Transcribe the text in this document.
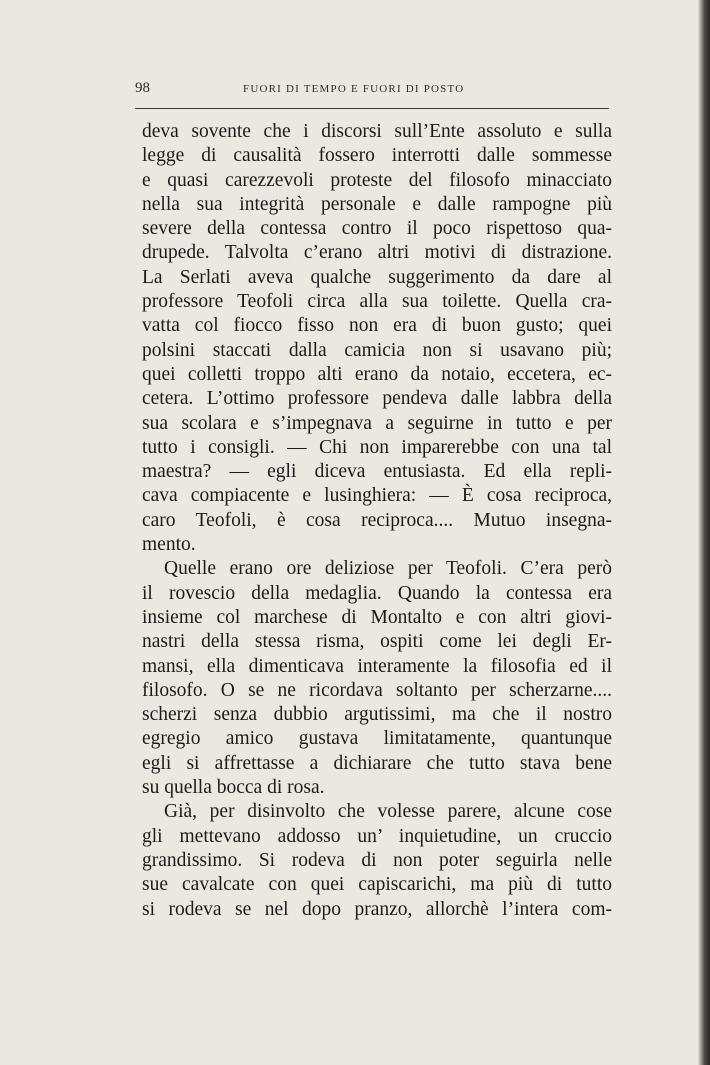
98	FUORI DI TEMPO E FUORI DI POSTO
deva sovente che i discorsi sull’Ente assoluto e sulla
legge di causalità fossero interrotti dalle sommesse
e quasi carezzevoli proteste del filosofo minacciato
nella sua integrità personale e dalle rampogne più
severe della contessa contro il poco rispettoso qua-
drupede. Talvolta c’erano altri motivi di distrazione.
La Serlati aveva qualche suggerimento da dare al
professore Teofoli circa alla sua toilette. Quella cra-
vatta col fiocco fisso non era di buon gusto; quei
polsini staccati dalla camicia non si usavano più;
quei colletti troppo alti erano da notaio, eccetera, ec-
cetera. L’ottimo professore pendeva dalle labbra della
sua scolara e s’impegnava a seguirne in tutto e per
tutto i consigli. — Chi non imparerebbe con una tal
maestra? — egli diceva entusiasta. Ed ella repli-
cava compiacente e lusinghiera: — È cosa reciproca,
caro Teofoli, è cosa reciproca.... Mutuo insegna-
mento.
Quelle erano ore deliziose per Teofoli. C’era però
il rovescio della medaglia. Quando la contessa era
insieme col marchese di Montalto e con altri giovi-
nastri della stessa risma, ospiti come lei degli Er-
mansi, ella dimenticava interamente la filosofia ed il
filosofo. O se ne ricordava soltanto per scherzarne....
scherzi senza dubbio argutissimi, ma che il nostro
egregio amico gustava limitatamente, quantunque
egli si affrettasse a dichiarare che tutto stava bene
su quella bocca di rosa.
Già, per disinvolto che volesse parere, alcune cose
gli mettevano addosso un’ inquietudine, un cruccio
grandissimo. Si rodeva di non poter seguirla nelle
sue cavalcate con quei capiscarichi, ma più di tutto
si rodeva se nel dopo pranzo, allorchè l’intera com-
